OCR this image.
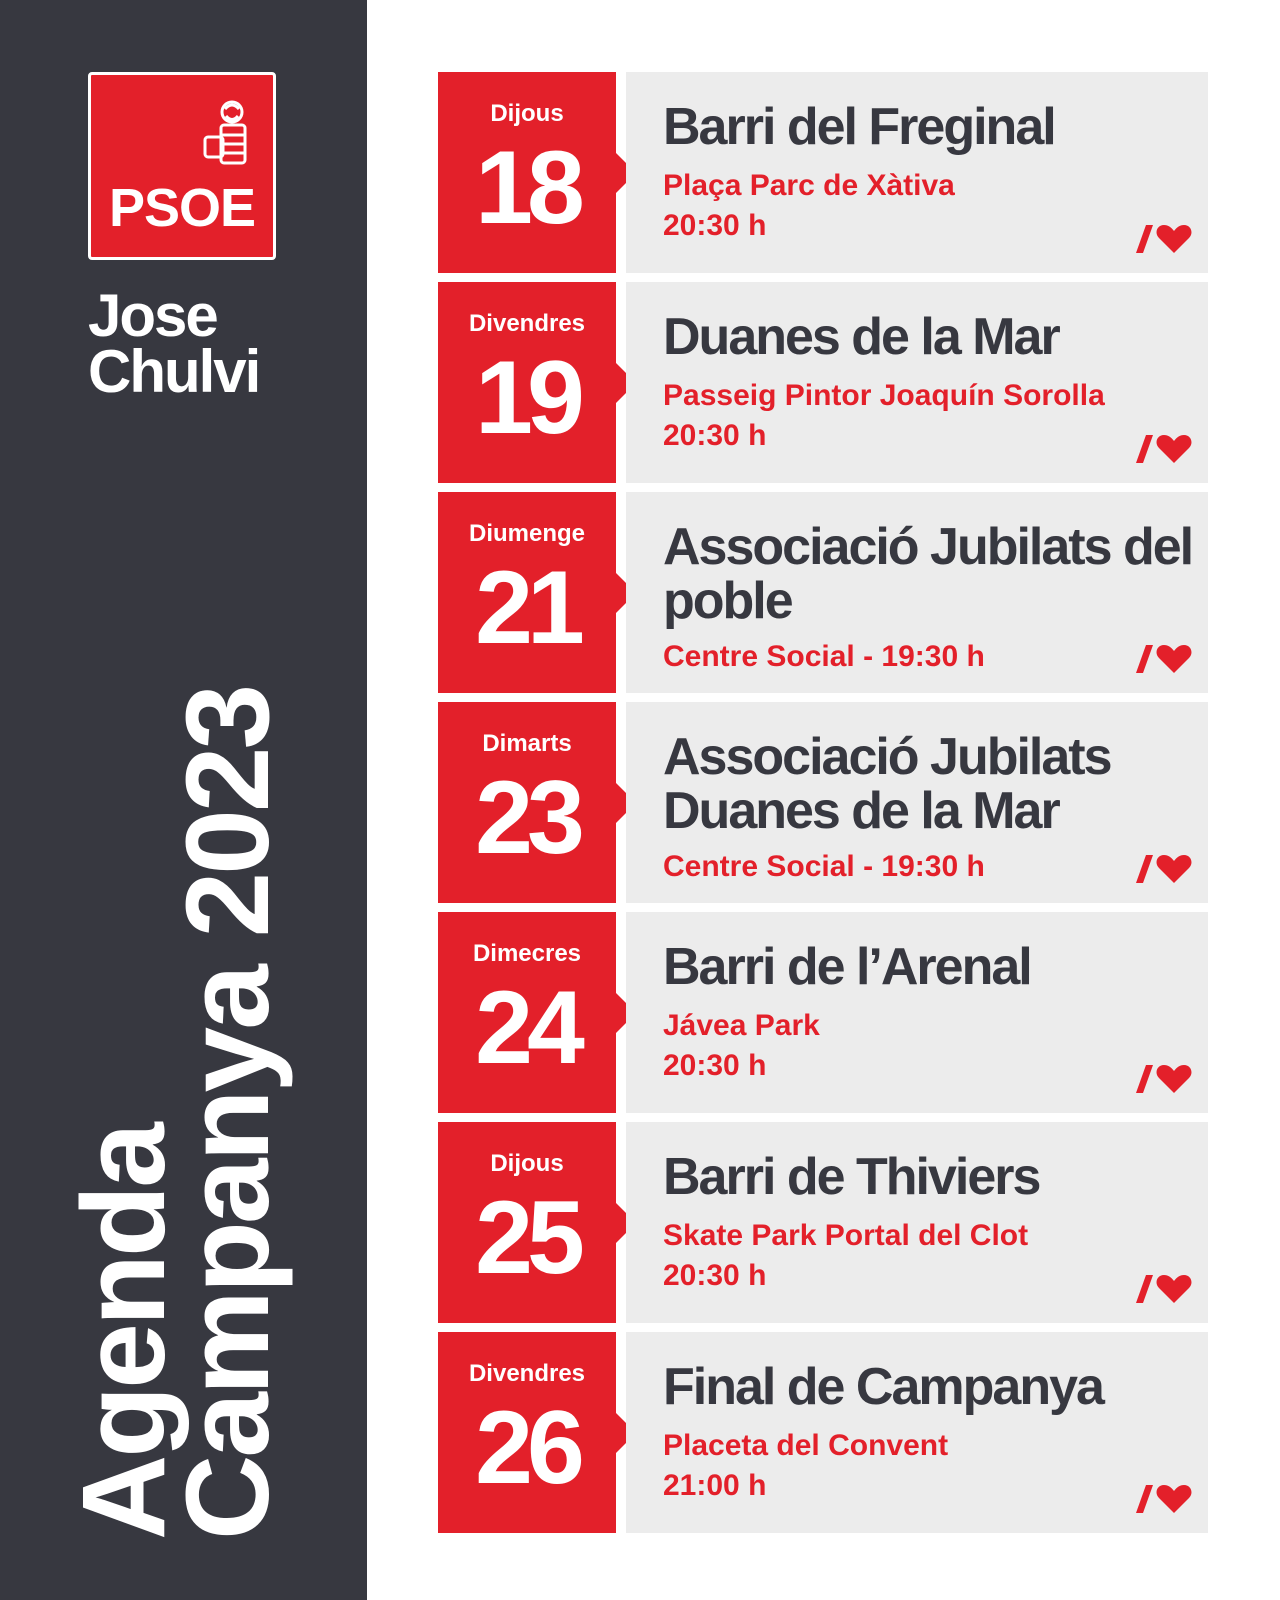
PSOE
Jose
Chulvi
Agenda
Campanya 2023
Dijous
18
Barri del Freginal
Plaça Parc de Xàtiva
20:30 h
Divendres
19
Duanes de la Mar
Passeig Pintor Joaquín Sorolla
20:30 h
Diumenge
21
Associació Jubilats del poble
Centre Social - 19:30 h
Dimarts
23
Associació Jubilats Duanes de la Mar
Centre Social - 19:30 h
Dimecres
24
Barri de l’Arenal
Jávea Park
20:30 h
Dijous
25
Barri de Thiviers
Skate Park Portal del Clot
20:30 h
Divendres
26
Final de Campanya
Placeta del Convent
21:00 h
